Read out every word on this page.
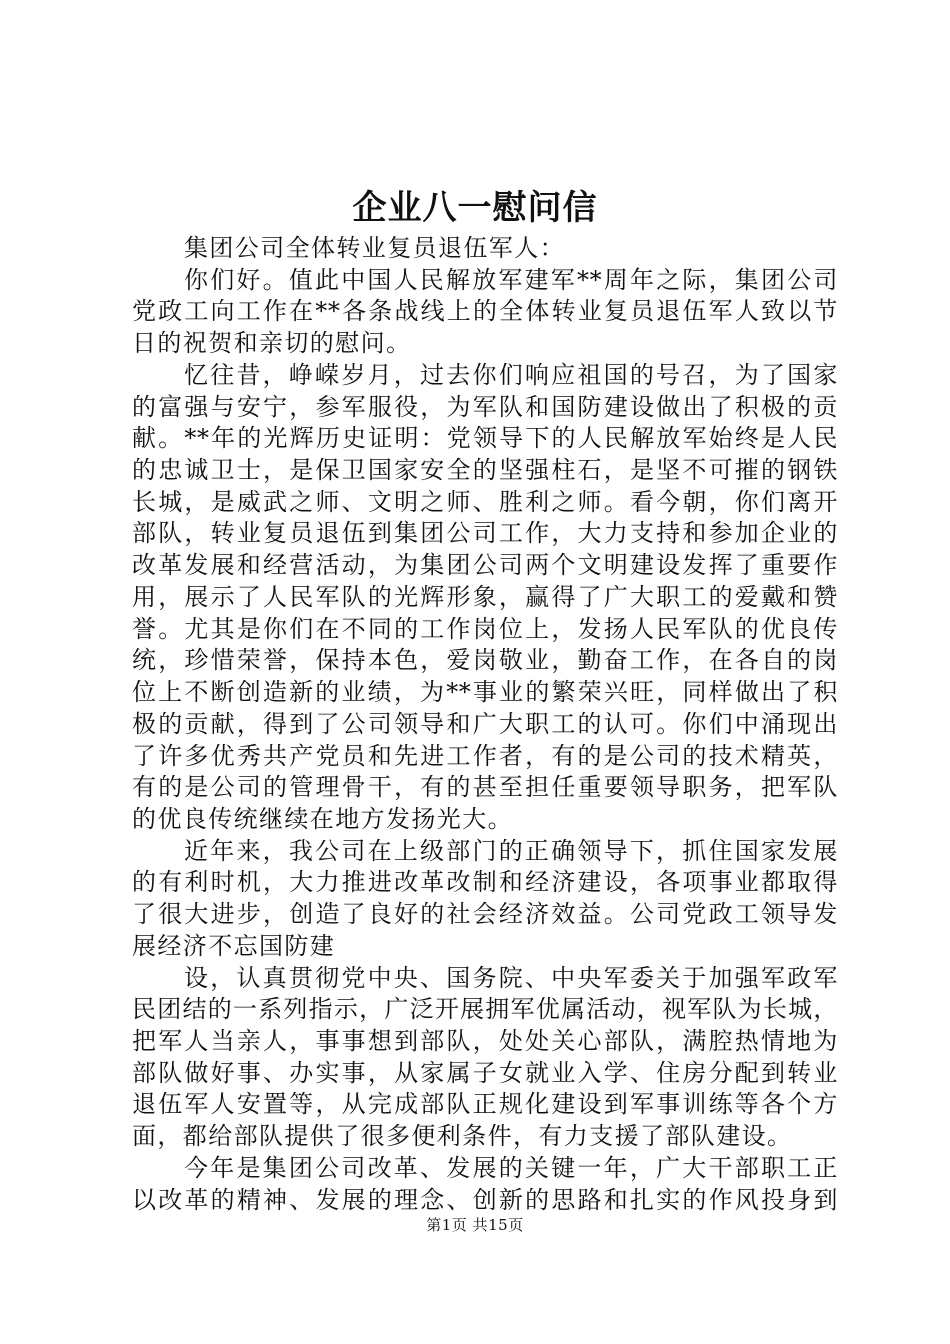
企业八一慰问信
集团公司全体转业复员退伍军人：
你们好。值此中国人民解放军建军**周年之际，集团公司
党政工向工作在**各条战线上的全体转业复员退伍军人致以节
日的祝贺和亲切的慰问。
忆往昔，峥嵘岁月，过去你们响应祖国的号召，为了国家
的富强与安宁，参军服役，为军队和国防建设做出了积极的贡
献。**年的光辉历史证明：党领导下的人民解放军始终是人民
的忠诚卫士，是保卫国家安全的坚强柱石，是坚不可摧的钢铁
长城，是威武之师、文明之师、胜利之师。看今朝，你们离开
部队，转业复员退伍到集团公司工作，大力支持和参加企业的
改革发展和经营活动，为集团公司两个文明建设发挥了重要作
用，展示了人民军队的光辉形象，赢得了广大职工的爱戴和赞
誉。尤其是你们在不同的工作岗位上，发扬人民军队的优良传
统，珍惜荣誉，保持本色，爱岗敬业，勤奋工作，在各自的岗
位上不断创造新的业绩，为**事业的繁荣兴旺，同样做出了积
极的贡献，得到了公司领导和广大职工的认可。你们中涌现出
了许多优秀共产党员和先进工作者，有的是公司的技术精英，
有的是公司的管理骨干，有的甚至担任重要领导职务，把军队
的优良传统继续在地方发扬光大。
近年来，我公司在上级部门的正确领导下，抓住国家发展
的有利时机，大力推进改革改制和经济建设，各项事业都取得
了很大进步，创造了良好的社会经济效益。公司党政工领导发
展经济不忘国防建
设，认真贯彻党中央、国务院、中央军委关于加强军政军
民团结的一系列指示，广泛开展拥军优属活动，视军队为长城，
把军人当亲人，事事想到部队，处处关心部队，满腔热情地为
部队做好事、办实事，从家属子女就业入学、住房分配到转业
退伍军人安置等，从完成部队正规化建设到军事训练等各个方
面，都给部队提供了很多便利条件，有力支援了部队建设。
今年是集团公司改革、发展的关键一年，广大干部职工正
以改革的精神、发展的理念、创新的思路和扎实的作风投身到
第1页 共15页
